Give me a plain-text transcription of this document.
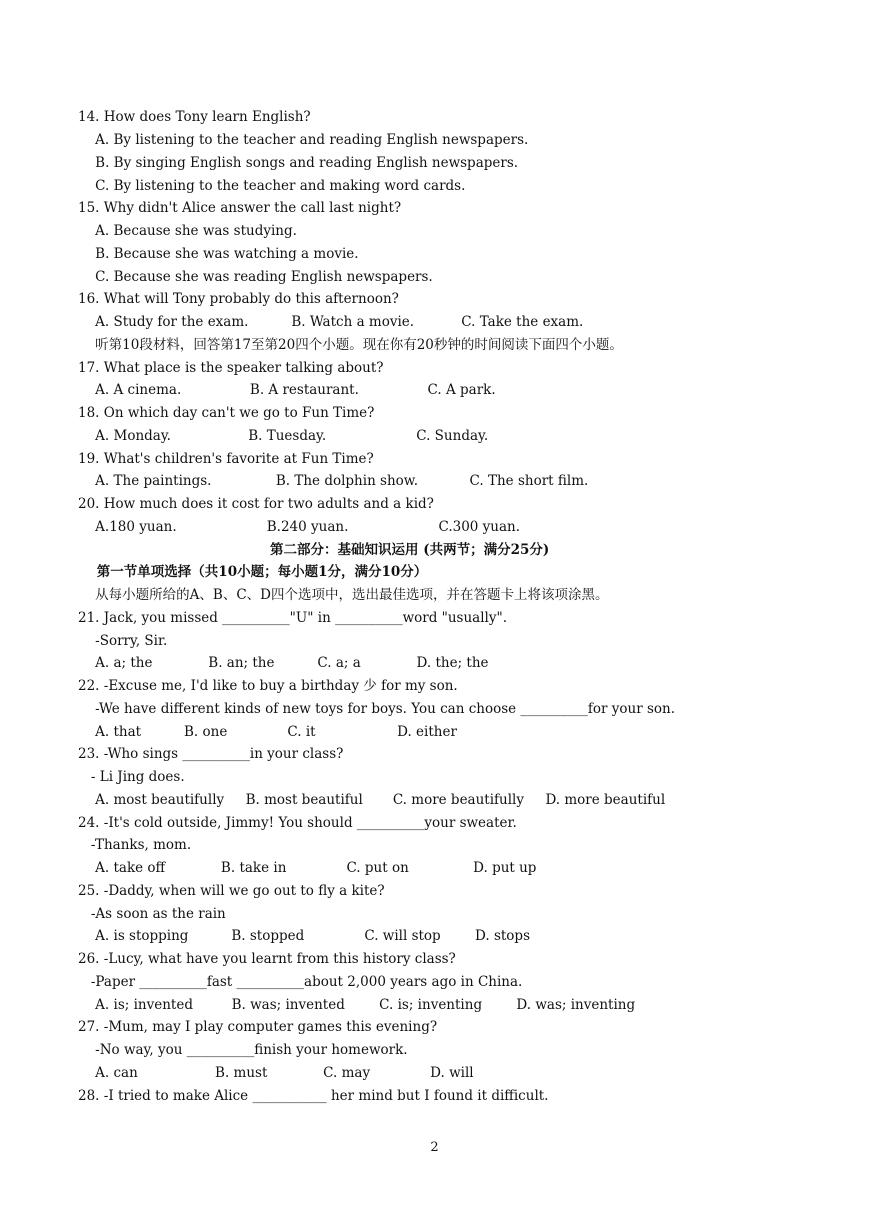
14. How does Tony learn English?
A. By listening to the teacher and reading English newspapers.
B. By singing English songs and reading English newspapers.
C. By listening to the teacher and making word cards.
15. Why didn't Alice answer the call last night?
A. Because she was studying.
B. Because she was watching a movie.
C. Because she was reading English newspapers.
16. What will Tony probably do this afternoon?
A. Study for the exam.          B. Watch a movie.           C. Take the exam.
听第10段材料，回答第17至第20四个小题。现在你有20秒钟的时间阅读下面四个小题。
17. What place is the speaker talking about?
A. A cinema.                B. A restaurant.                C. A park.
18. On which day can't we go to Fun Time?
A. Monday.                  B. Tuesday.                     C. Sunday.
19. What's children's favorite at Fun Time?
A. The paintings.               B. The dolphin show.            C. The short film.
20. How much does it cost for two adults and a kid?
A.180 yuan.                     B.240 yuan.                     C.300 yuan.
第二部分：基础知识运用 (共两节；满分25分)
第一节单项选择（共10小题；每小题1分，满分10分）
从每小题所给的A、B、C、D四个选项中，选出最佳选项，并在答题卡上将该项涂黑。
21. Jack, you missed __________"U" in __________word "usually".
-Sorry, Sir.
A. a; the             B. an; the          C. a; a             D. the; the
22. -Excuse me, I'd like to buy a birthday 少 for my son.
-We have different kinds of new toys for boys. You can choose __________for your son.
A. that          B. one              C. it                   D. either
23. -Who sings __________in your class?
- Li Jing does.
A. most beautifully     B. most beautiful       C. more beautifully     D. more beautiful
24. -It's cold outside, Jimmy! You should __________your sweater.
-Thanks, mom.
A. take off             B. take in              C. put on               D. put up
25. -Daddy, when will we go out to fly a kite?
-As soon as the rain
A. is stopping          B. stopped              C. will stop        D. stops
26. -Lucy, what have you learnt from this history class?
-Paper __________fast __________about 2,000 years ago in China.
A. is; invented         B. was; invented        C. is; inventing        D. was; inventing
27. -Mum, may I play computer games this evening?
-No way, you __________finish your homework.
A. can                  B. must             C. may              D. will
28. -I tried to make Alice ___________ her mind but I found it difficult.
2
